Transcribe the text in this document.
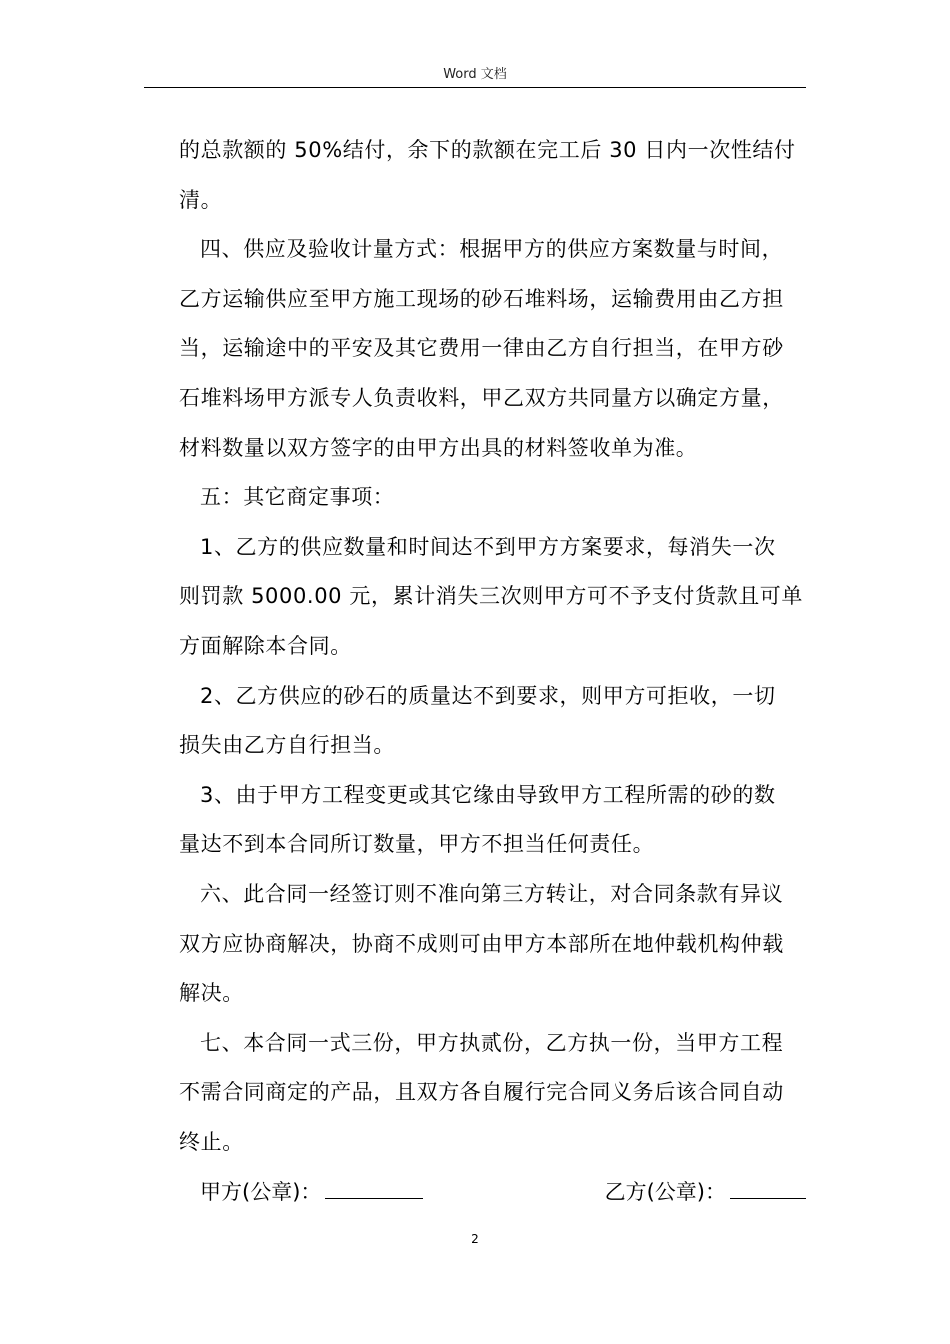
Word 文档

的总款额的 50%结付，余下的款额在完工后 30 日内一次性结付
清。

四、供应及验收计量方式：根据甲方的供应方案数量与时间，
乙方运输供应至甲方施工现场的砂石堆料场，运输费用由乙方担
当，运输途中的平安及其它费用一律由乙方自行担当，在甲方砂
石堆料场甲方派专人负责收料，甲乙双方共同量方以确定方量，
材料数量以双方签字的由甲方出具的材料签收单为准。

五：其它商定事项：

1、乙方的供应数量和时间达不到甲方方案要求，每消失一次
则罚款 5000.00 元，累计消失三次则甲方可不予支付货款且可单
方面解除本合同。

2、乙方供应的砂石的质量达不到要求，则甲方可拒收，一切
损失由乙方自行担当。

3、由于甲方工程变更或其它缘由导致甲方工程所需的砂的数
量达不到本合同所订数量，甲方不担当任何责任。

六、此合同一经签订则不准向第三方转让，对合同条款有异议
双方应协商解决，协商不成则可由甲方本部所在地仲载机构仲载
解决。

七、本合同一式三份，甲方执贰份，乙方执一份，当甲方工程
不需合同商定的产品，且双方各自履行完合同义务后该合同自动
终止。

甲方(公章)：	乙方(公章)：
2
